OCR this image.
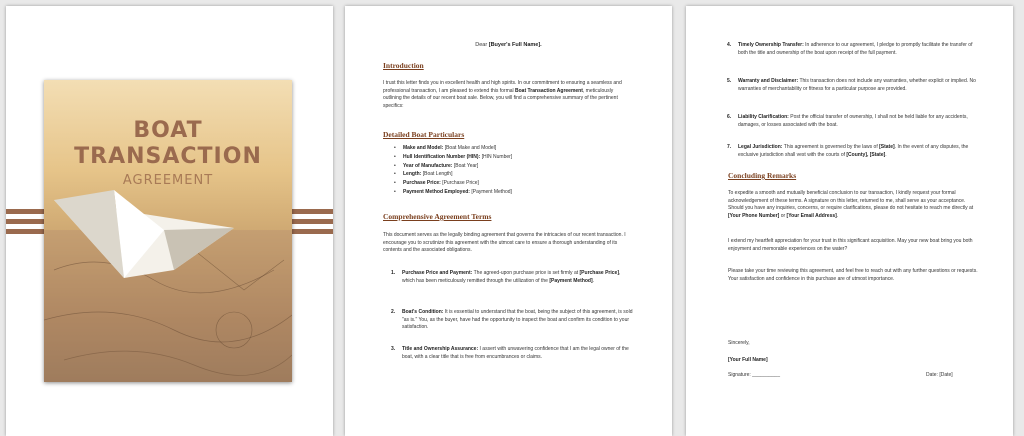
BOAT
TRANSACTION
AGREEMENT
Dear [Buyer's Full Name].
Introduction
I trust this letter finds you in excellent health and high spirits. In our commitment to ensuring a seamless and professional transaction, I am pleased to extend this formal Boat Transaction Agreement, meticulously outlining the details of our recent boat sale. Below, you will find a comprehensive summary of the pertinent specifics:
Detailed Boat Particulars
• Make and Model: [Boat Make and Model]
• Hull Identification Number (HIN): [HIN Number]
• Year of Manufacture: [Boat Year]
• Length: [Boat Length]
• Purchase Price: [Purchase Price]
• Payment Method Employed: [Payment Method]
Comprehensive Agreement Terms
This document serves as the legally binding agreement that governs the intricacies of our recent transaction. I encourage you to scrutinize this agreement with the utmost care to ensure a thorough understanding of its contents and the associated obligations.
1. Purchase Price and Payment: The agreed-upon purchase price is set firmly at [Purchase Price], which has been meticulously remitted through the utilization of the [Payment Method].
2. Boat's Condition: It is essential to understand that the boat, being the subject of this agreement, is sold "as is." You, as the buyer, have had the opportunity to inspect the boat and confirm its condition to your satisfaction.
3. Title and Ownership Assurance: I assert with unwavering confidence that I am the legal owner of the boat, with a clear title that is free from encumbrances or claims.
4. Timely Ownership Transfer: In adherence to our agreement, I pledge to promptly facilitate the transfer of both the title and ownership of the boat upon receipt of the full payment.
5. Warranty and Disclaimer: This transaction does not include any warranties, whether explicit or implied. No warranties of merchantability or fitness for a particular purpose are provided.
6. Liability Clarification: Post the official transfer of ownership, I shall not be held liable for any accidents, damages, or losses associated with the boat.
7. Legal Jurisdiction: This agreement is governed by the laws of [State]. In the event of any disputes, the exclusive jurisdiction shall vest with the courts of [County], [State].
Concluding Remarks
To expedite a smooth and mutually beneficial conclusion to our transaction, I kindly request your formal acknowledgement of these terms. A signature on this letter, returned to me, shall serve as your acceptance. Should you have any inquiries, concerns, or require clarifications, please do not hesitate to reach me directly at [Your Phone Number] or [Your Email Address].
I extend my heartfelt appreciation for your trust in this significant acquisition. May your new boat bring you both enjoyment and memorable experiences on the water?
Please take your time reviewing this agreement, and feel free to reach out with any further questions or requests. Your satisfaction and confidence in this purchase are of utmost importance.
Sincerely,
[Your Full Name]
Signature: __________	Date: [Date]
